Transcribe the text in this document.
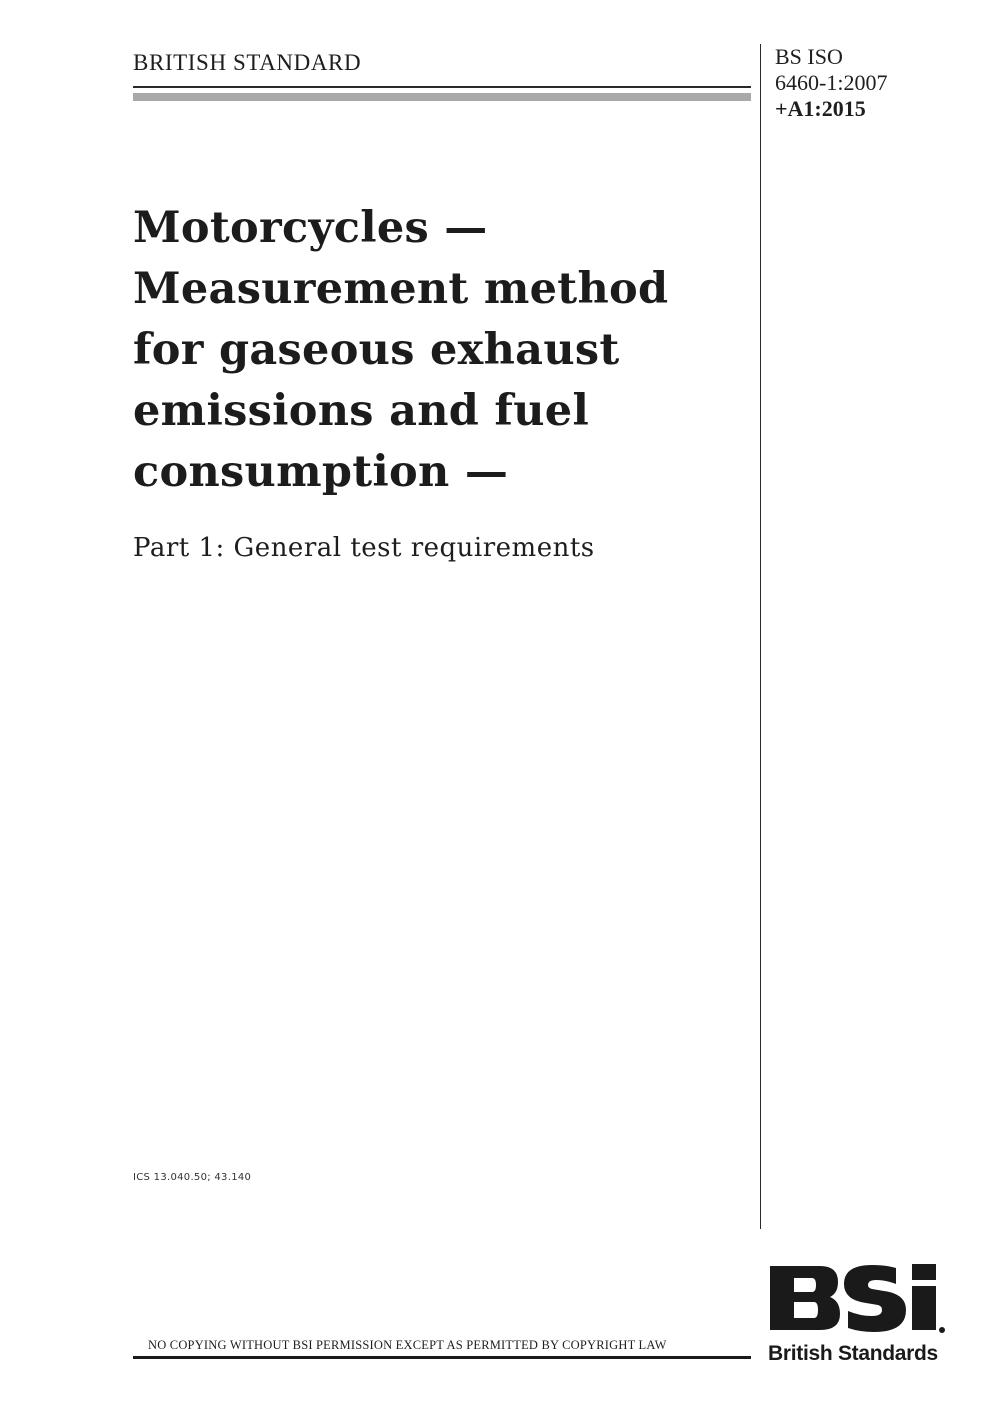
BRITISH STANDARD	BS ISO
6460-1:2007
+A1:2015
Motorcycles —
Measurement method
for gaseous exhaust
emissions and fuel
consumption —
Part 1: General test requirements
ICS 13.040.50; 43.140
NO COPYING WITHOUT BSI PERMISSION EXCEPT AS PERMITTED BY COPYRIGHT LAW	British Standards
